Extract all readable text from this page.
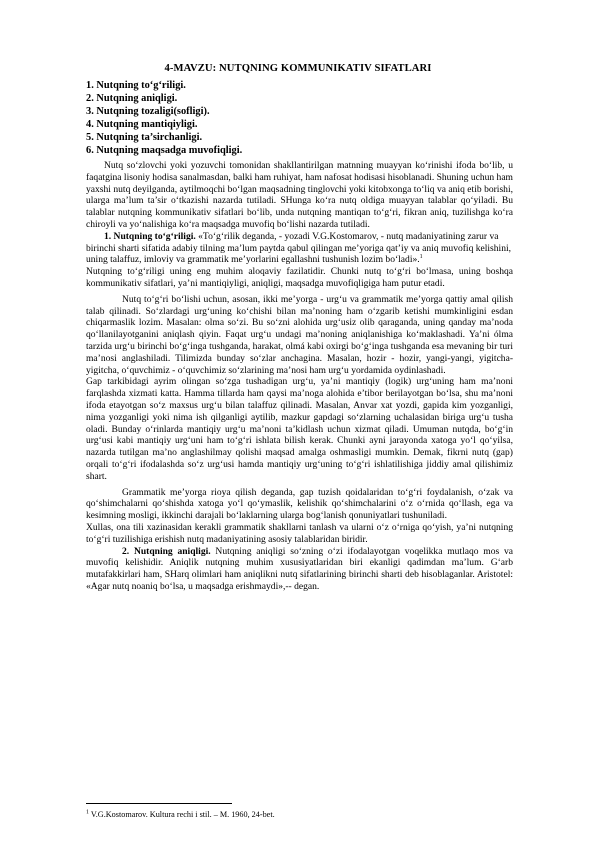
4-MAVZU: NUTQNING KOMMUNIKATIV SIFATLARI
1. Nutqning to‘g‘riligi.
2. Nutqning aniqligi.
3. Nutqning tozaligi(sofligi).
4. Nutqning mantiqiyligi.
5. Nutqning ta’sirchanligi.
6. Nutqning maqsadga muvofiqligi.

Nutq so‘zlovchi yoki yozuvchi tomonidan shakllantirilgan matnning muayyan ko‘rinishi ifoda bo‘lib, u faqatgina lisoniy hodisa sanalmasdan, balki ham ruhiyat, ham nafosat hodisasi hisoblanadi. Shuning uchun ham yaxshi nutq deyilganda, aytilmoqchi bo‘lgan maqsadning tinglovchi yoki kitobxonga to‘liq va aniq etib borishi, ularga ma’lum ta’sir o‘tkazishi nazarda tutiladi. SHunga ko‘ra nutq oldiga muayyan talablar qo‘yiladi. Bu talablar nutqning kommunikativ sifatlari bo‘lib, unda nutqning mantiqan to‘g‘ri, fikran aniq, tuzilishga ko‘ra chiroyli va yo‘nalishiga ko‘ra maqsadga muvofiq bo‘lishi nazarda tutiladi.

1. Nutqning to‘g‘riligi. «To‘g‘rilik deganda, - yozadi V.G.Kostomarov, - nutq madaniyatining zarur va birinchi sharti sifatida adabiy tilning ma’lum paytda qabul qilingan me’yoriga qat’iy va aniq muvofiq kelishini, uning talaffuz, imloviy va grammatik me’yorlarini egallashni tushunish lozim bo‘ladi».$^1$

Nutqning to‘g‘riligi uning eng muhim aloqaviy fazilatidir. Chunki nutq to‘g‘ri bo‘lmasa, uning boshqa kommunikativ sifatlari, ya’ni mantiqiyligi, aniqligi, maqsadga muvofiqligiga ham putur etadi.

Nutq to‘g‘ri bo‘lishi uchun, asosan, ikki me’yorga - urg‘u va grammatik me’yorga qattiy amal qilish talab qilinadi. So‘zlardagi urg‘uning ko‘chishi bilan ma’noning ham o‘zgarib ketishi mumkinligini esdan chiqarmaslik lozim. Masalan: olma so‘zi. Bu so‘zni alohida urg‘usiz olib qaraganda, uning qanday ma’noda qo‘llanilayotganini aniqlash qiyin. Faqat urg‘u undagi ma’noning aniqlanishiga ko‘maklashadi. Ya’ni ólma tarzida urg‘u birinchi bo‘g‘inga tushganda, harakat, olmá kabi oxirgi bo‘g‘inga tushganda esa mevaning bir turi ma’nosi anglashiladi. Tilimizda bunday so‘zlar anchagina. Masalan, hozir - hozir, yangi-yangi, yigitcha-yigitcha, o‘quvchimiz - o‘quvchimiz so‘zlarining ma’nosi ham urg‘u yordamida oydinlashadi.

Gap tarkibidagi ayrim olingan so‘zga tushadigan urg‘u, ya’ni mantiqiy (logik) urg‘uning ham ma’noni farqlashda xizmati katta. Hamma tillarda ham qaysi ma’noga alohida e’tibor berilayotgan bo‘lsa, shu ma’noni ifoda etayotgan so‘z maxsus urg‘u bilan talaffuz qilinadi. Masalan, Anvar xat yozdi, gapida kim yozganligi, nima yozganligi yoki nima ish qilganligi aytilib, mazkur gapdagi so‘zlarning uchalasidan biriga urg‘u tusha oladi. Bunday o‘rinlarda mantiqiy urg‘u ma’noni ta’kidlash uchun xizmat qiladi. Umuman nutqda, bo‘g‘in urg‘usi kabi mantiqiy urg‘uni ham to‘g‘ri ishlata bilish kerak. Chunki ayni jarayonda xatoga yo‘l qo‘yilsa, nazarda tutilgan ma’no anglashilmay qolishi maqsad amalga oshmasligi mumkin. Demak, fikrni nutq (gap) orqali to‘g‘ri ifodalashda so‘z urg‘usi hamda mantiqiy urg‘uning to‘g‘ri ishlatilishiga jiddiy amal qilishimiz shart.

Grammatik me’yorga rioya qilish deganda, gap tuzish qoidalaridan to‘g‘ri foydalanish, o‘zak va qo‘shimchalarni qo‘shishda xatoga yo‘l qo‘ymaslik, kelishik qo‘shimchalarini o‘z o‘rnida qo‘llash, ega va kesimning mosligi, ikkinchi darajali bo‘laklarning ularga bog‘lanish qonuniyatlari tushuniladi.

Xullas, ona tili xazinasidan kerakli grammatik shakllarni tanlash va ularni o‘z o‘rniga qo‘yish, ya’ni nutqning to‘g‘ri tuzilishiga erishish nutq madaniyatining asosiy talablaridan biridir.

2. Nutqning aniqligi. Nutqning aniqligi so‘zning o‘zi ifodalayotgan voqelikka mutlaqo mos va muvofiq kelishidir. Aniqlik nutqning muhim xususiyatlaridan biri ekanligi qadimdan ma’lum. G‘arb mutafakkirlari ham, SHarq olimlari ham aniqlikni nutq sifatlarining birinchi sharti deb hisoblaganlar. Aristotel: «Agar nutq noaniq bo‘lsa, u maqsadga erishmaydi»,-- degan.

$^1$ V.G.Kostomarov. Kultura rechi i stil. – M. 1960, 24-bet.
